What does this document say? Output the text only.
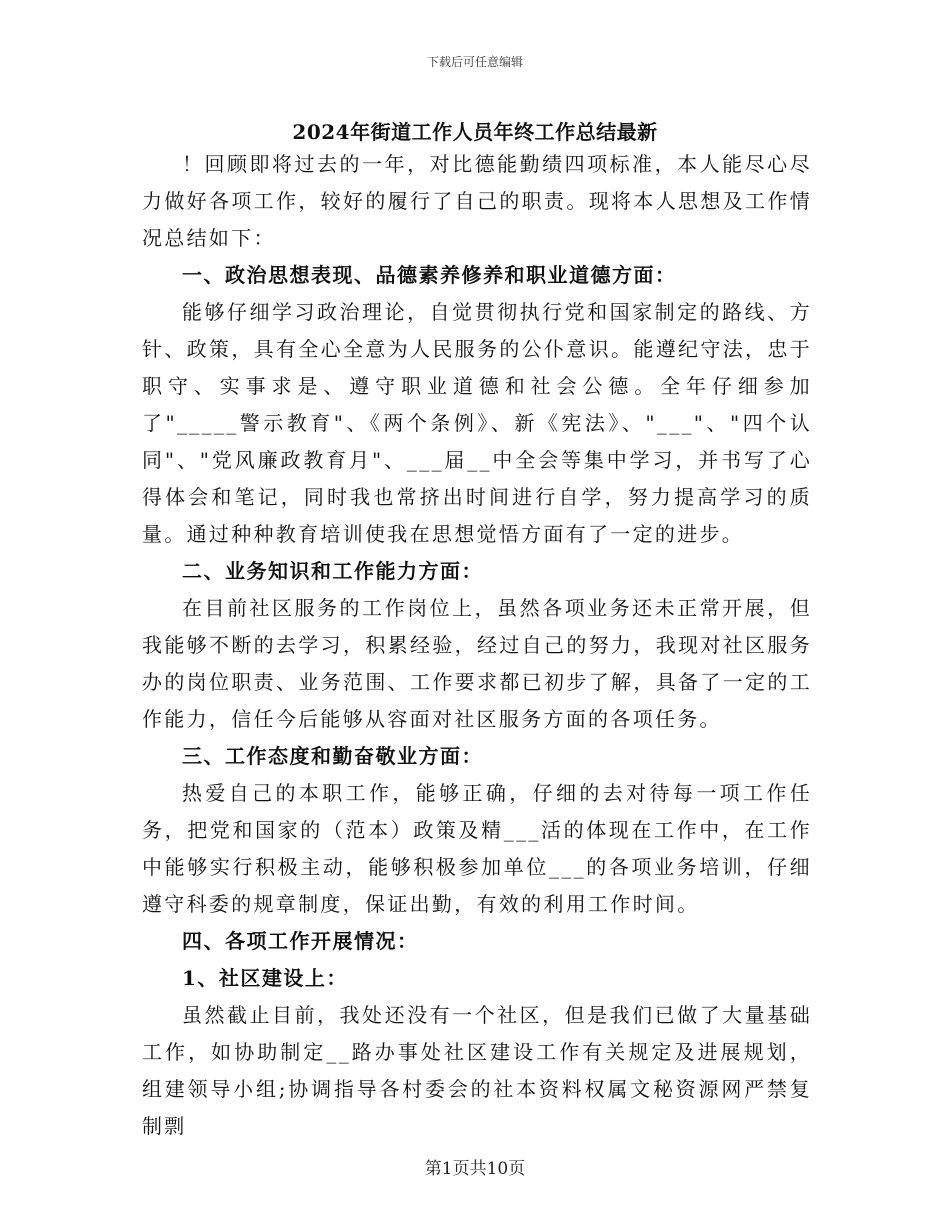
下载后可任意编辑
2024年街道工作人员年终工作总结最新

！回顾即将过去的一年，对比德能勤绩四项标准，本人能尽心尽力做好各项工作，较好的履行了自己的职责。现将本人思想及工作情况总结如下：

一、政治思想表现、品德素养修养和职业道德方面：

能够仔细学习政治理论，自觉贯彻执行党和国家制定的路线、方针、政策，具有全心全意为人民服务的公仆意识。能遵纪守法，忠于职守、实事求是、遵守职业道德和社会公德。全年仔细参加了"_____警示教育"、《两个条例》、新《宪法》、"___"、"四个认同"、"党风廉政教育月"、___届__中全会等集中学习，并书写了心得体会和笔记，同时我也常挤出时间进行自学，努力提高学习的质量。通过种种教育培训使我在思想觉悟方面有了一定的进步。

二、业务知识和工作能力方面：

在目前社区服务的工作岗位上，虽然各项业务还未正常开展，但我能够不断的去学习，积累经验，经过自己的努力，我现对社区服务办的岗位职责、业务范围、工作要求都已初步了解，具备了一定的工作能力，信任今后能够从容面对社区服务方面的各项任务。

三、工作态度和勤奋敬业方面：

热爱自己的本职工作，能够正确，仔细的去对待每一项工作任务，把党和国家的（范本）政策及精___活的体现在工作中，在工作中能够实行积极主动，能够积极参加单位___的各项业务培训，仔细遵守科委的规章制度，保证出勤，有效的利用工作时间。

四、各项工作开展情况：

1、社区建设上：

虽然截止目前，我处还没有一个社区，但是我们已做了大量基础工作，如协助制定__路办事处社区建设工作有关规定及进展规划，组建领导小组;协调指导各村委会的社本资料权属文秘资源网严禁复制剽

第1页共10页
